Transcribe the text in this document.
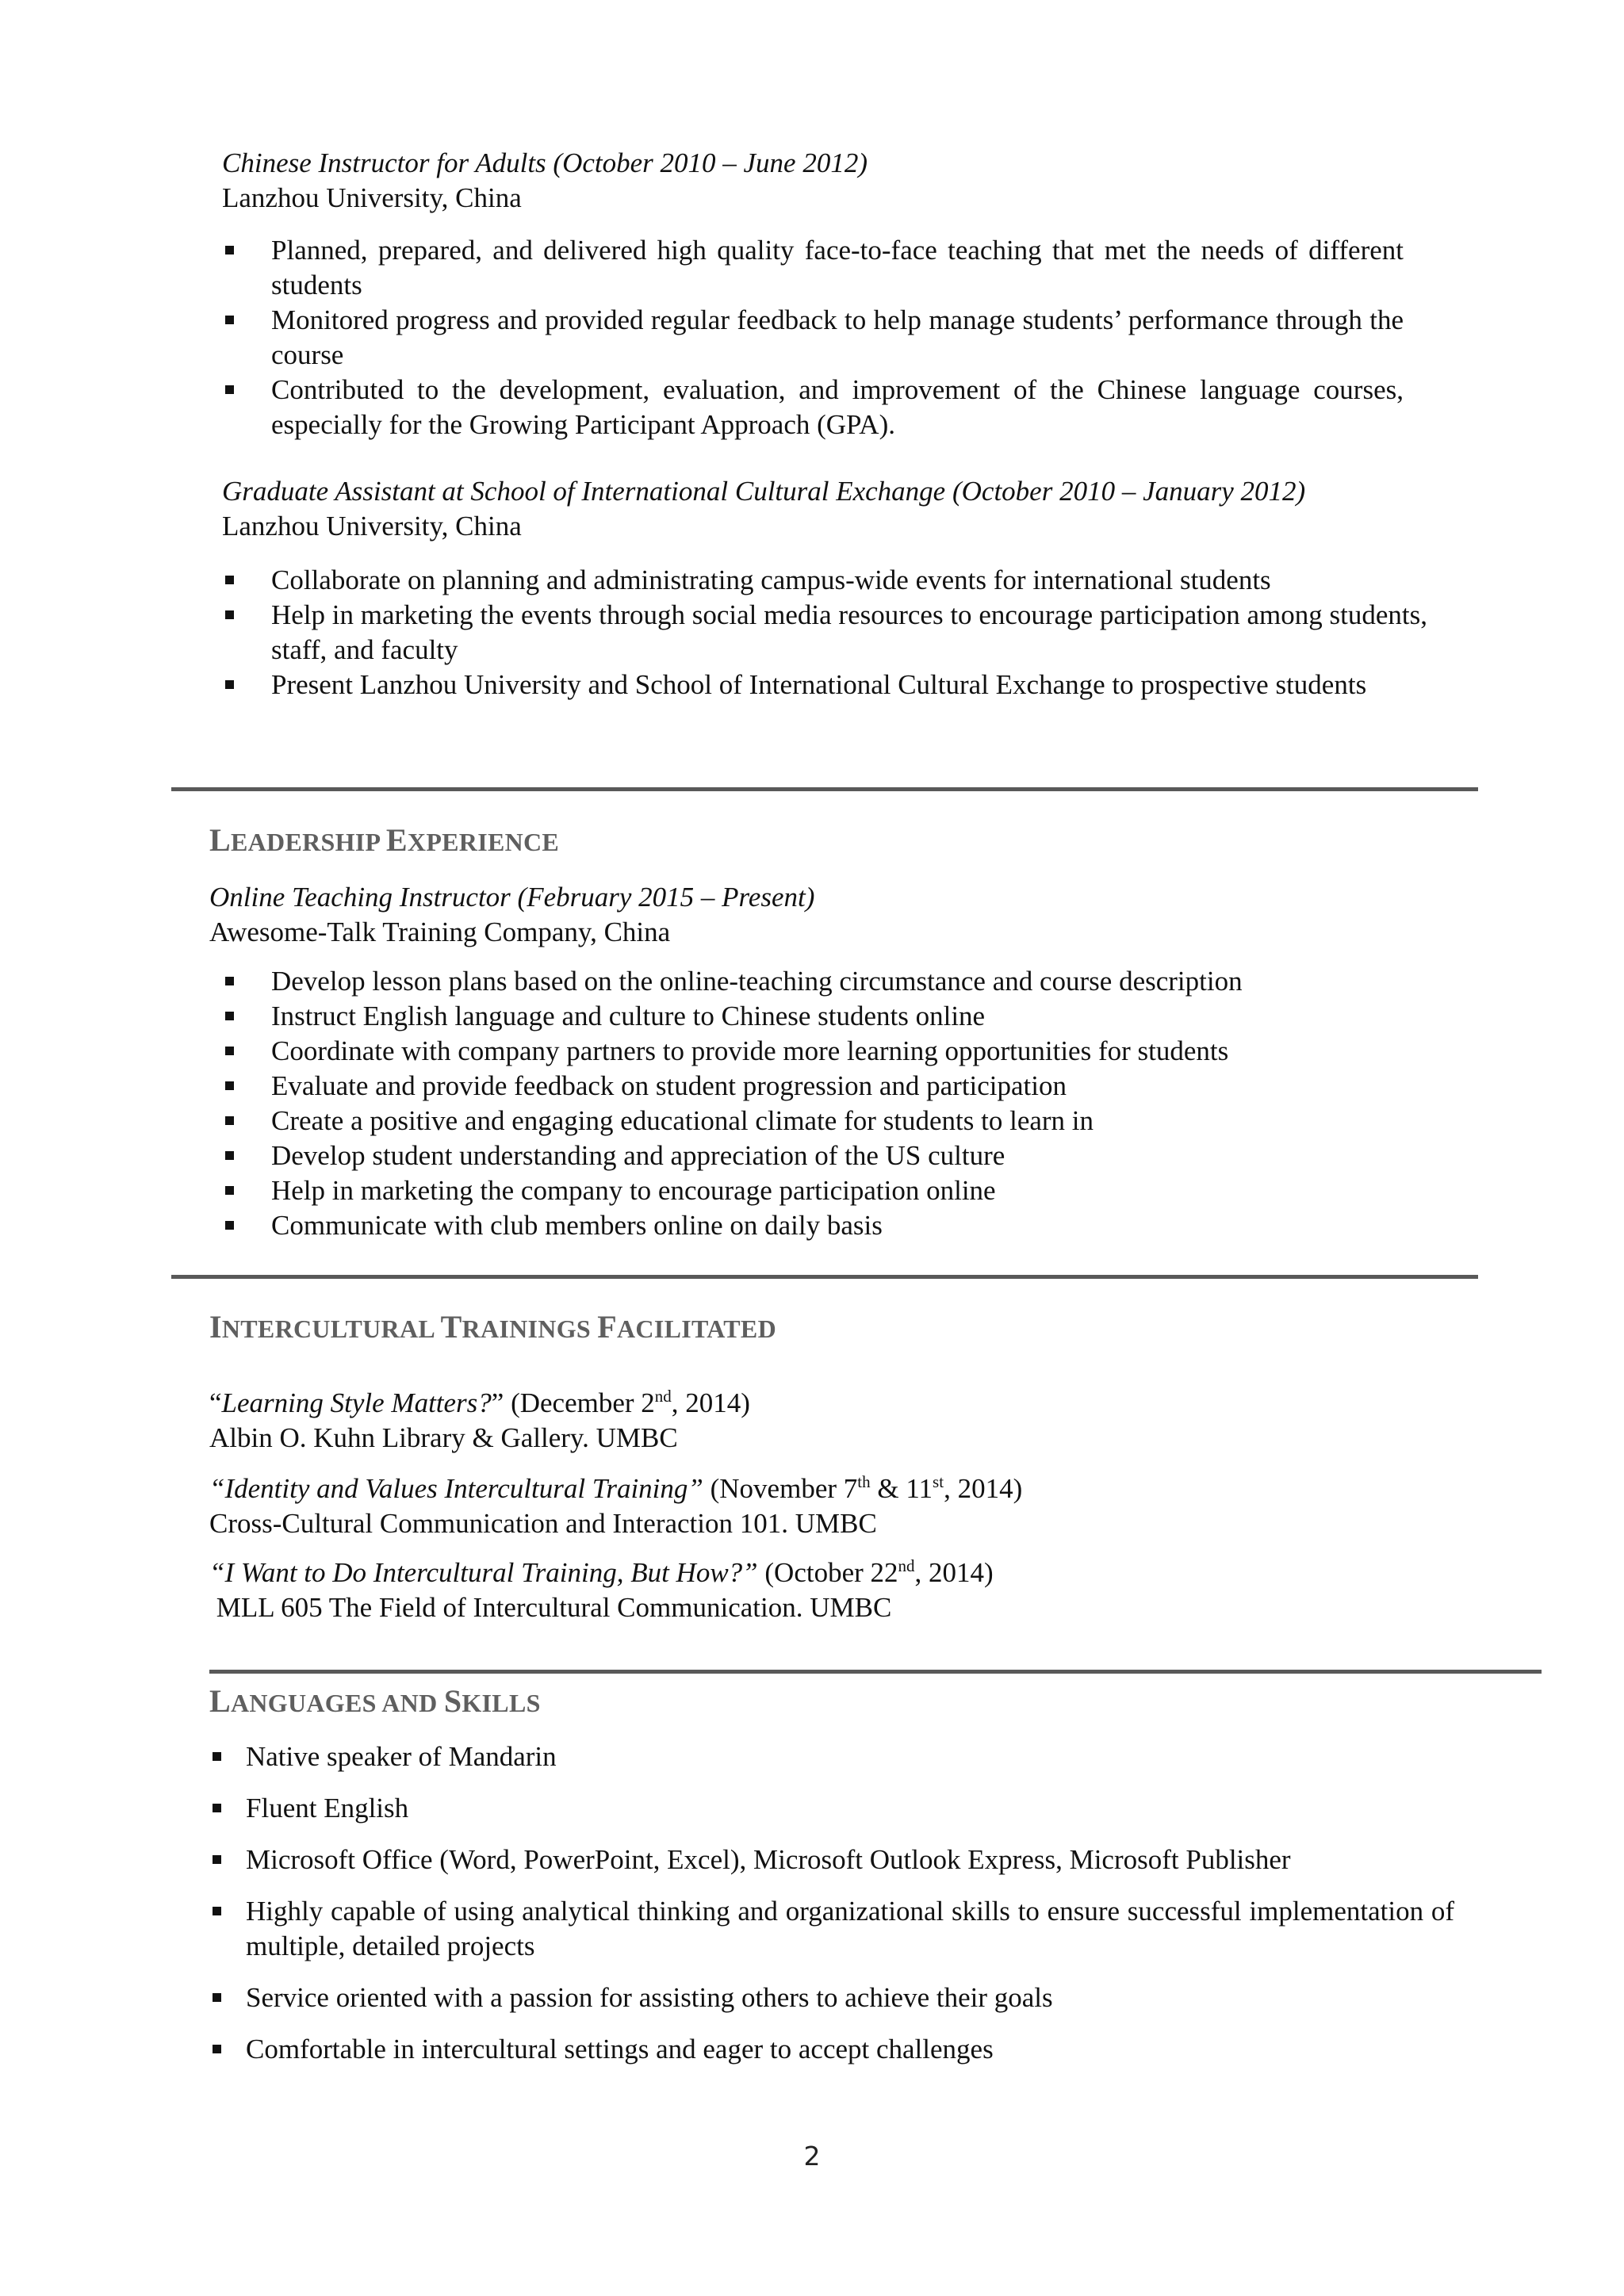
Chinese Instructor for Adults (October 2010 – June 2012)
Lanzhou University, China
Planned, prepared, and delivered high quality face-to-face teaching that met the needs of different students
Monitored progress and provided regular feedback to help manage students’ performance through the course
Contributed to the development, evaluation, and improvement of the Chinese language courses, especially for the Growing Participant Approach (GPA).
Graduate Assistant at School of International Cultural Exchange (October 2010 – January 2012)
Lanzhou University, China
Collaborate on planning and administrating campus-wide events for international students
Help in marketing the events through social media resources to encourage participation among students, staff, and faculty
Present Lanzhou University and School of International Cultural Exchange to prospective students
LEADERSHIP EXPERIENCE
Online Teaching Instructor (February 2015 – Present)
Awesome-Talk Training Company, China
Develop lesson plans based on the online-teaching circumstance and course description
Instruct English language and culture to Chinese students online
Coordinate with company partners to provide more learning opportunities for students
Evaluate and provide feedback on student progression and participation
Create a positive and engaging educational climate for students to learn in
Develop student understanding and appreciation of the US culture
Help in marketing the company to encourage participation online
Communicate with club members online on daily basis
INTERCULTURAL TRAININGS FACILITATED
“Learning Style Matters?” (December 2nd, 2014)
Albin O. Kuhn Library & Gallery. UMBC
“Identity and Values Intercultural Training” (November 7th & 11st, 2014)
Cross-Cultural Communication and Interaction 101. UMBC
“I Want to Do Intercultural Training, But How?” (October 22nd, 2014)
MLL 605 The Field of Intercultural Communication. UMBC
LANGUAGES AND SKILLS
Native speaker of Mandarin
Fluent English
Microsoft Office (Word, PowerPoint, Excel), Microsoft Outlook Express, Microsoft Publisher
Highly capable of using analytical thinking and organizational skills to ensure successful implementation of multiple, detailed projects
Service oriented with a passion for assisting others to achieve their goals
Comfortable in intercultural settings and eager to accept challenges
2
